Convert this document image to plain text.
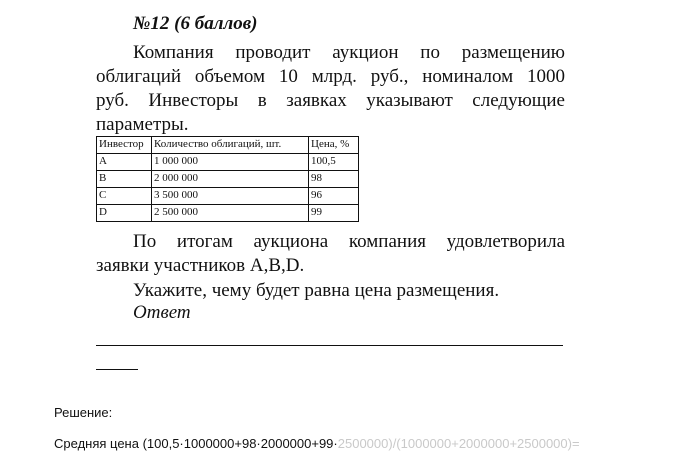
№12 (6 баллов)
Компания проводит аукцион по размещению
облигаций объемом 10 млрд. руб., номиналом 1000
руб. Инвесторы в заявках указывают следующие
параметры.
Инвестор	Количество облигаций, шт.	Цена, %
A	1 000 000	100,5
B	2 000 000	98
C	3 500 000	96
D	2 500 000	99
По итогам аукциона компания удовлетворила
заявки участников A,B,D.
Укажите, чему будет равна цена размещения.
Ответ
Решение:
Средняя цена (100,5·1000000+98·2000000+99·2500000)/(1000000+2000000+2500000)=
